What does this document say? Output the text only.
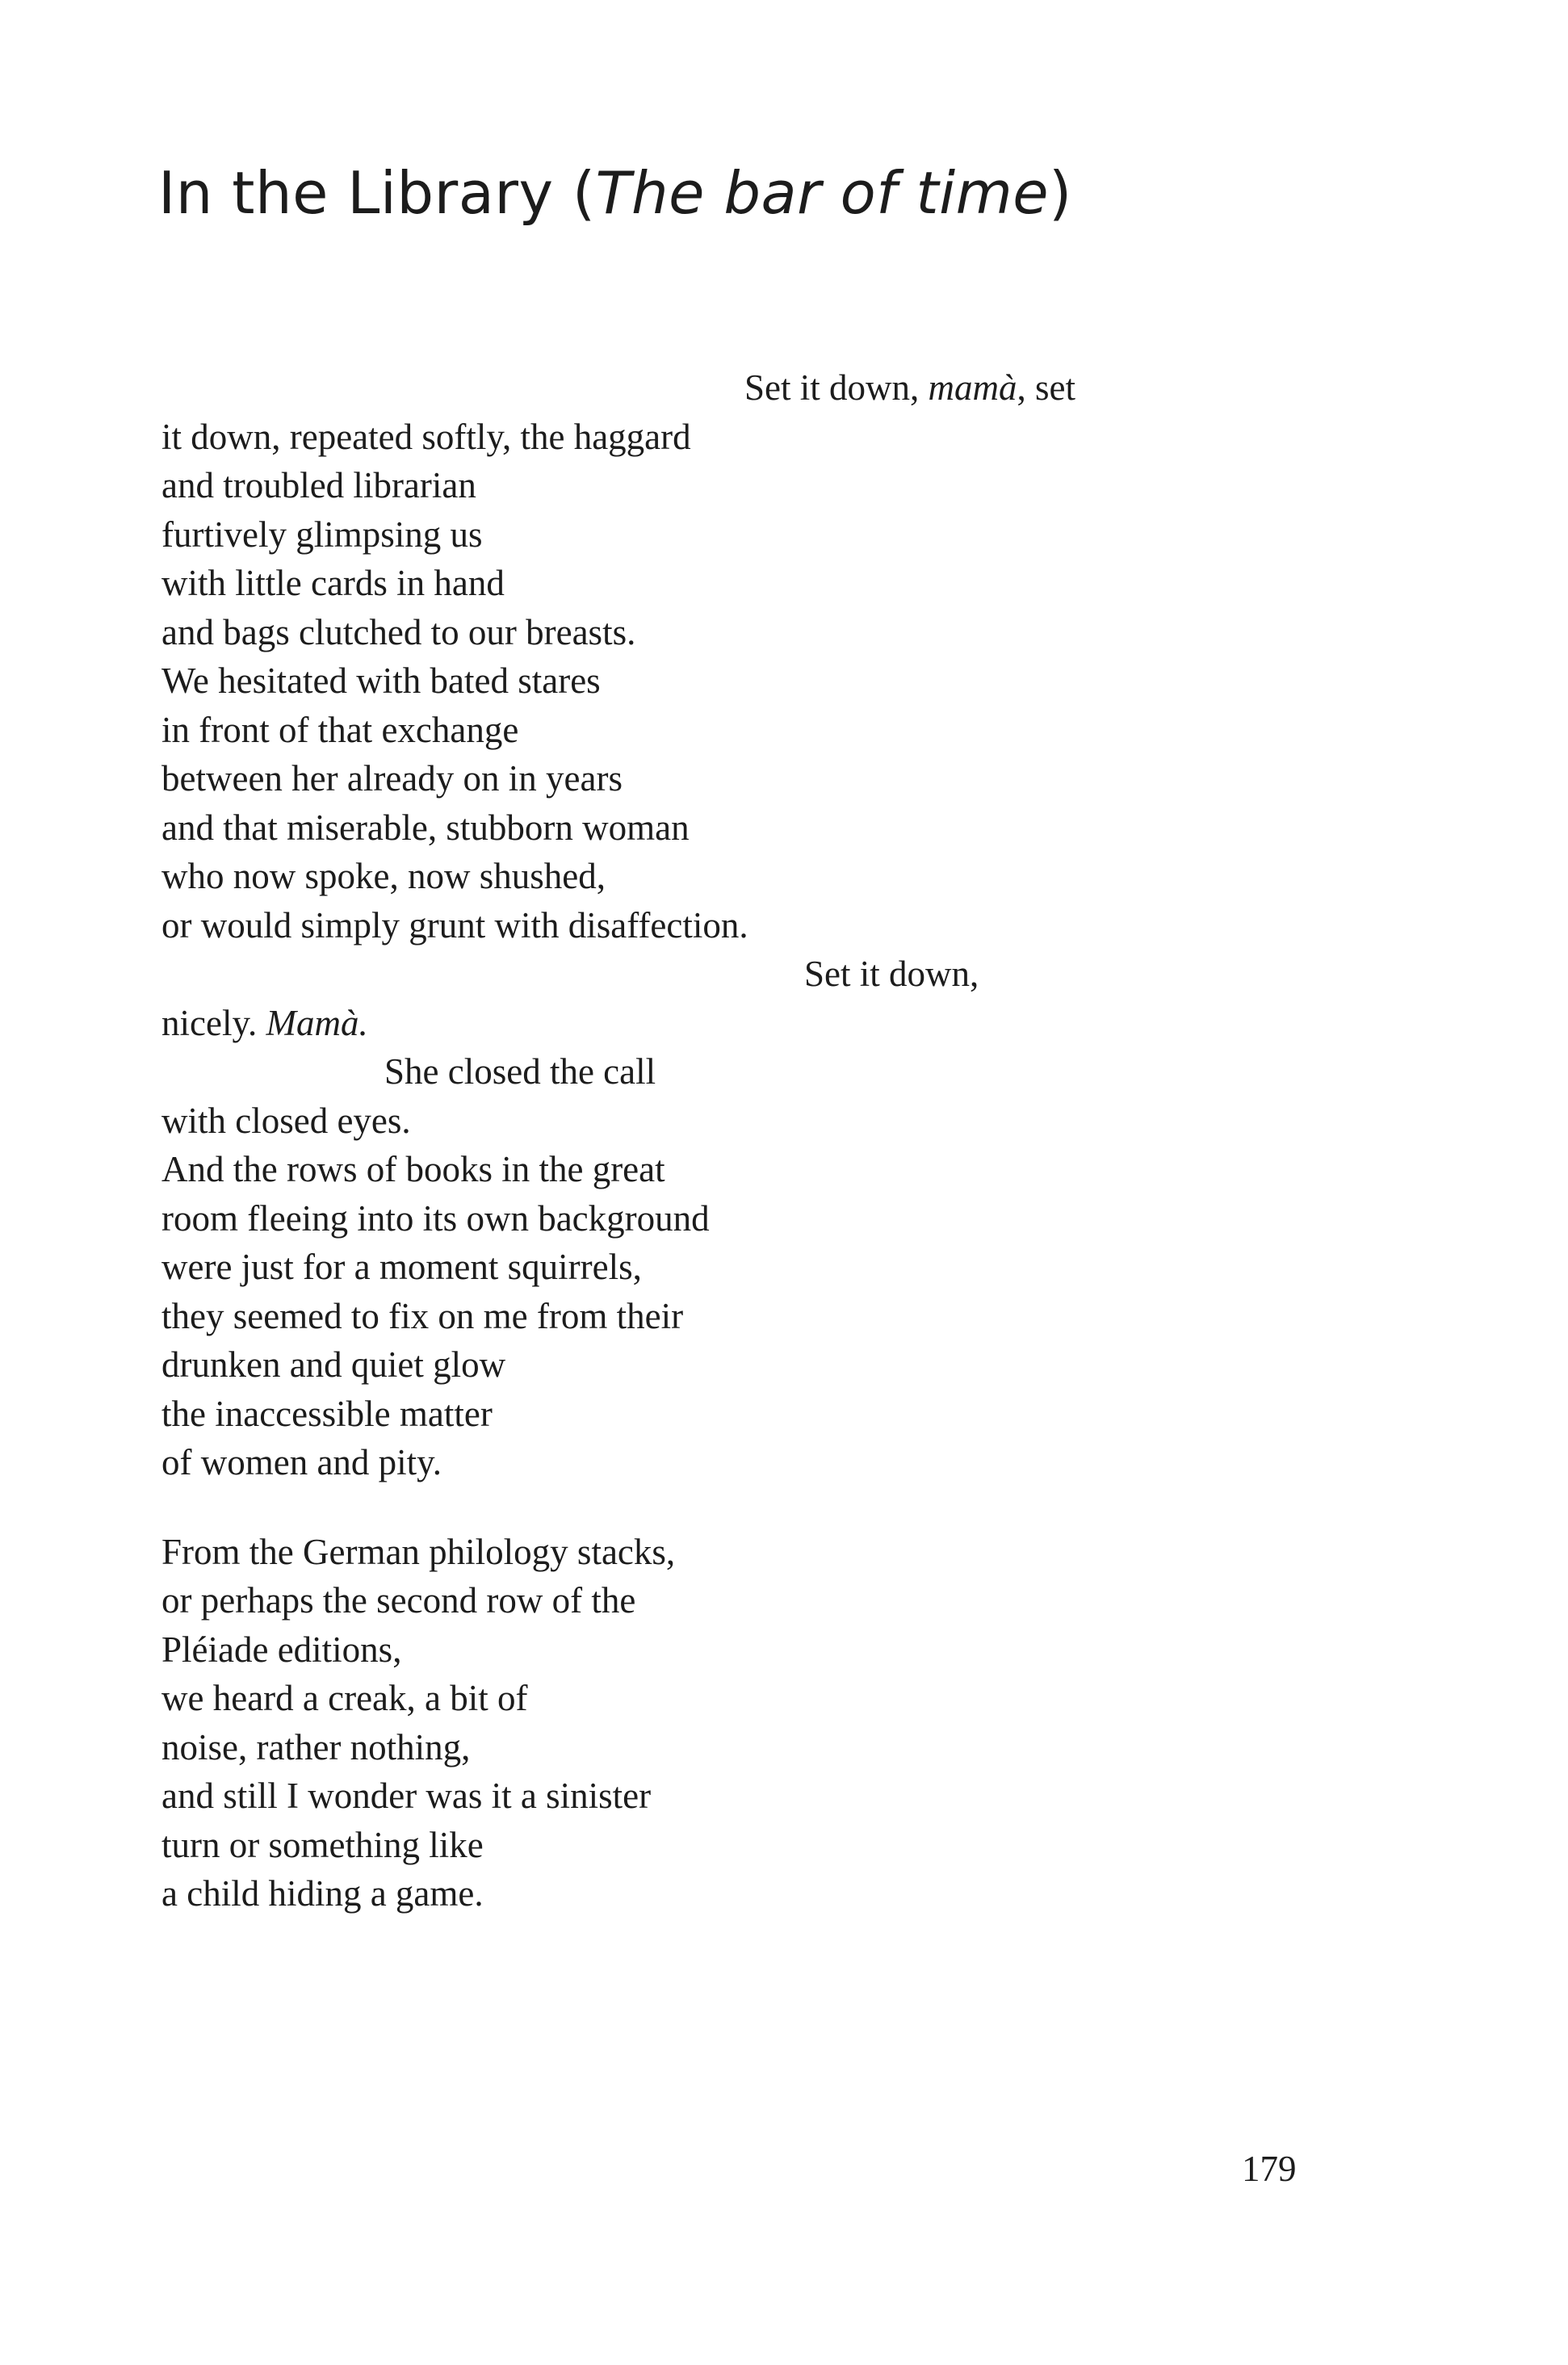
In the Library (The bar of time)
Set it down, mamà, set
it down, repeated softly, the haggard
and troubled librarian
furtively glimpsing us
with little cards in hand
and bags clutched to our breasts.
We hesitated with bated stares
in front of that exchange
between her already on in years
and that miserable, stubborn woman
who now spoke, now shushed,
or would simply grunt with disaffection.
Set it down,
nicely. Mamà.
She closed the call
with closed eyes.
And the rows of books in the great
room fleeing into its own background
were just for a moment squirrels,
they seemed to fix on me from their
drunken and quiet glow
the inaccessible matter
of women and pity.
From the German philology stacks,
or perhaps the second row of the
Pléiade editions,
we heard a creak, a bit of
noise, rather nothing,
and still I wonder was it a sinister
turn or something like
a child hiding a game.
179
